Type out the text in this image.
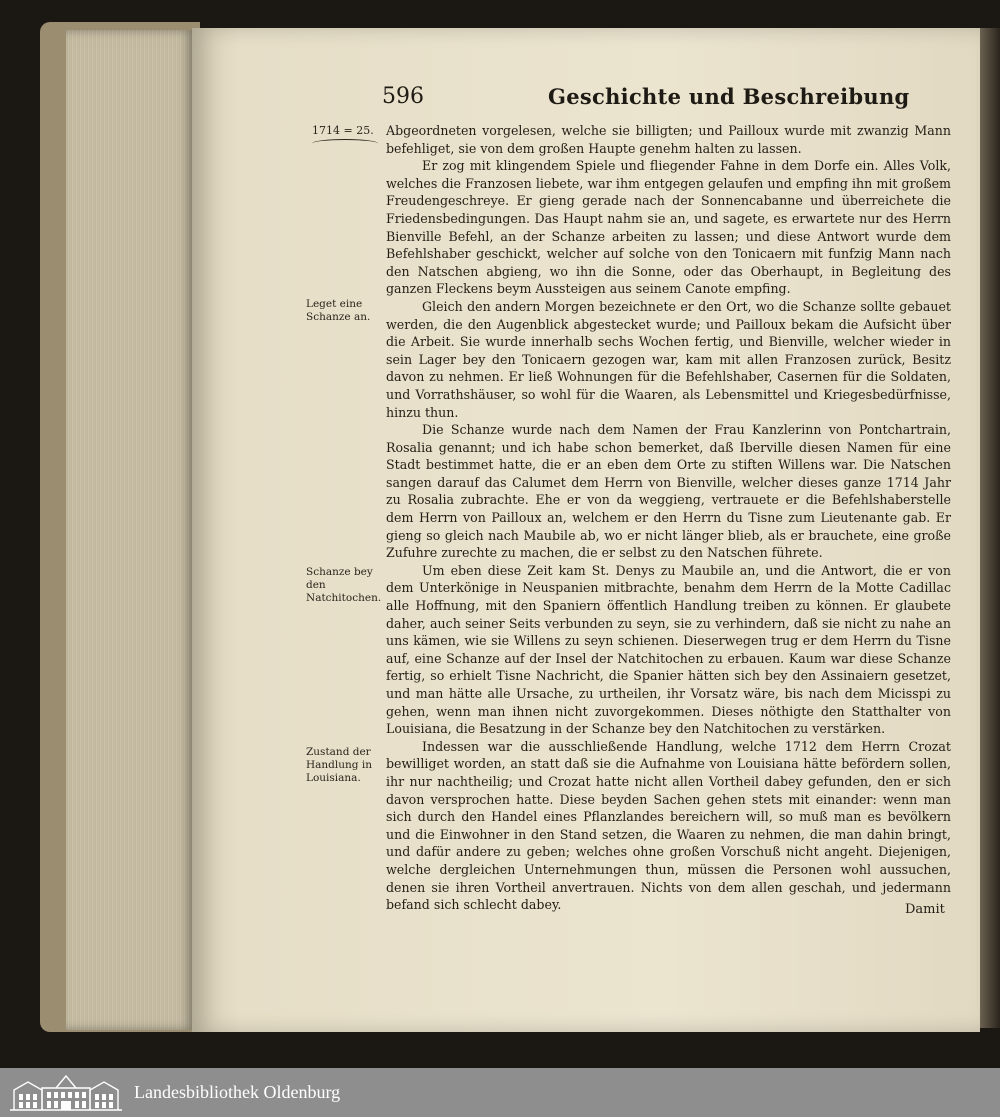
596	Geschichte und Beschreibung

1714 = 25. Abgeordneten vorgelesen, welche sie billigten; und Pailloux wurde mit zwanzig Mann befehliget, sie von dem großen Haupte genehm halten zu lassen.

Er zog mit klingendem Spiele und fliegender Fahne in dem Dorfe ein. Alles Volk, welches die Franzosen liebete, war ihm entgegen gelaufen und empfing ihn mit großem Freudengeschreye. Er gieng gerade nach der Sonnencabanne und überreichete die Friedensbedingungen. Das Haupt nahm sie an, und sagete, es erwartete nur des Herrn Bienville Befehl, an der Schanze arbeiten zu lassen; und diese Antwort wurde dem Befehlshaber geschickt, welcher auf solche von den Tonicaern mit funfzig Mann nach den Natschen abgieng, wo ihn die Sonne, oder das Oberhaupt, in Begleitung des ganzen Fleckens beym Aussteigen aus seinem Canote empfing.

Gleich den andern Morgen bezeichnete er den Ort, wo die Schanze sollte gebauet werden, die den Augenblick abgestecket wurde; und Pailloux bekam die Aufsicht über die Arbeit. Sie wurde innerhalb sechs Wochen fertig, und Bienville, welcher wieder in sein Lager bey den Tonicaern gezogen war, kam mit allen Franzosen zurück, Besitz davon zu nehmen. Er ließ Wohnungen für die Befehlshaber, Casernen für die Soldaten, und Vorrathshäuser, so wohl für die Waaren, als Lebensmittel und Kriegesbedürfnisse, hinzu thun.

Die Schanze wurde nach dem Namen der Frau Kanzlerinn von Pontchartrain, Rosalia genannt; und ich habe schon bemerket, daß Iberville diesen Namen für eine Stadt bestimmet hatte, die er an eben dem Orte zu stiften Willens war. Die Natschen sangen darauf das Calumet dem Herrn von Bienville, welcher dieses ganze 1714 Jahr zu Rosalia zubrachte. Ehe er von da weggieng, vertrauete er die Befehlshaberstelle dem Herrn von Pailloux an, welchem er den Herrn du Tisne zum Lieutenante gab. Er gieng so gleich nach Maubile ab, wo er nicht länger blieb, als er brauchete, eine große Zufuhre zurechte zu machen, die er selbst zu den Natschen führete.

Um eben diese Zeit kam St. Denys zu Maubile an, und die Antwort, die er von dem Unterkönige in Neuspanien mitbrachte, benahm dem Herrn de la Motte Cadillac alle Hoffnung, mit den Spaniern öffentlich Handlung treiben zu können. Er glaubete daher, auch seiner Seits verbunden zu seyn, sie zu verhindern, daß sie nicht zu nahe an uns kämen, wie sie Willens zu seyn schienen. Dieserwegen trug er dem Herrn du Tisne auf, eine Schanze auf der Insel der Natchitochen zu erbauen. Kaum war diese Schanze fertig, so erhielt Tisne Nachricht, die Spanier hätten sich bey den Assinaiern gesetzet, und man hätte alle Ursache, zu urtheilen, ihr Vorsatz wäre, bis nach dem Micisspi zu gehen, wenn man ihnen nicht zuvorgekommen. Dieses nöthigte den Statthalter von Louisiana, die Besatzung in der Schanze bey den Natchitochen zu verstärken.

Indessen war die ausschließende Handlung, welche 1712 dem Herrn Crozat bewilliget worden, an statt daß sie die Aufnahme von Louisiana hätte befördern sollen, ihr nur nachtheilig; und Crozat hatte nicht allen Vortheil dabey gefunden, den er sich davon versprochen hatte. Diese beyden Sachen gehen stets mit einander: wenn man sich durch den Handel eines Pflanzlandes bereichern will, so muß man es bevölkern und die Einwohner in den Stand setzen, die Waaren zu nehmen, die man dahin bringt, und dafür andere zu geben; welches ohne großen Vorschuß nicht angeht. Diejenigen, welche dergleichen Unternehmungen thun, müssen die Personen wohl aussuchen, denen sie ihren Vortheil anvertrauen. Nichts von dem allen geschah, und jedermann befand sich schlecht dabey.

Leget eine Schanze an.
Schanze bey den Natchitochen.
Zustand der Handlung in Louisiana.
Damit
Landesbibliothek Oldenburg
